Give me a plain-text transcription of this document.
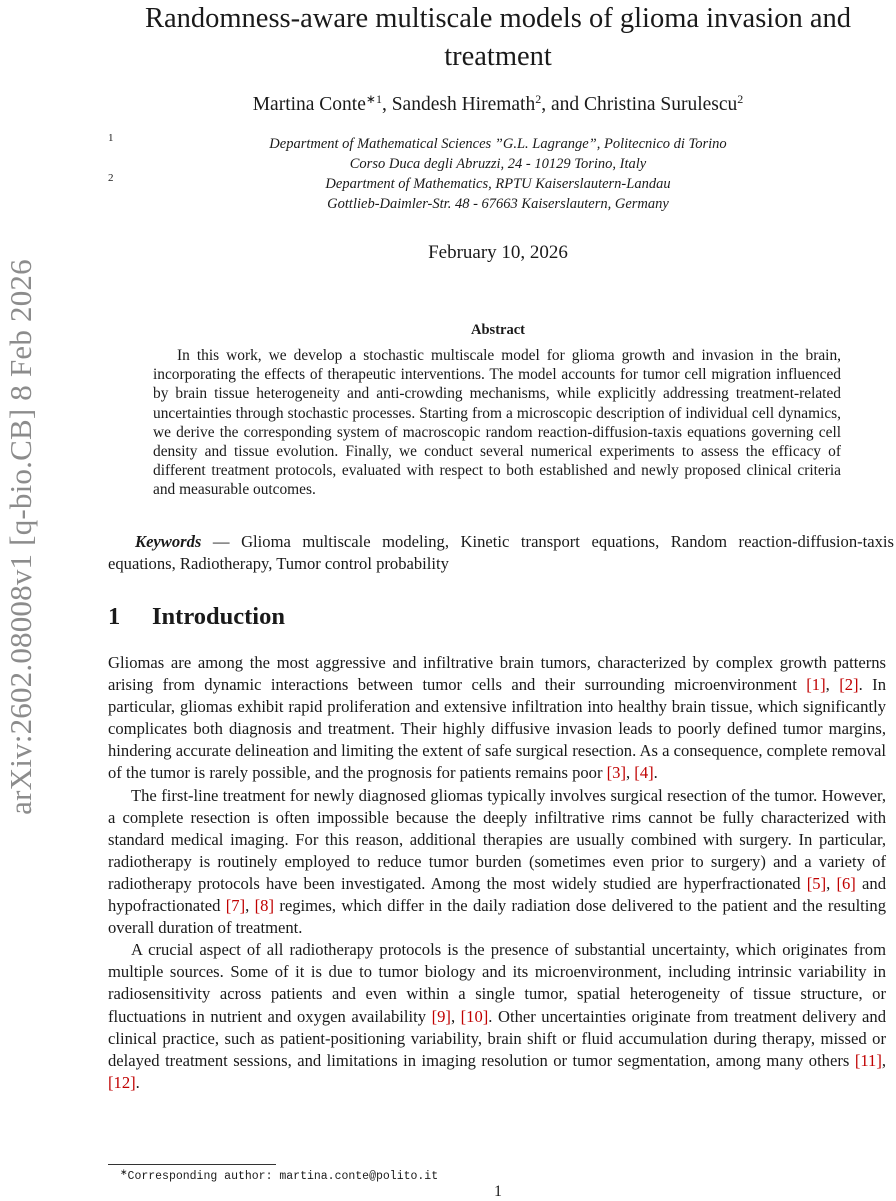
arXiv:2602.08008v1 [q-bio.CB] 8 Feb 2026
Randomness-aware multiscale models of glioma invasion and treatment
Martina Conte$^{∗1}$, Sandesh Hiremath$^2$, and Christina Surulescu$^2$
1	Department of Mathematical Sciences ”G.L. Lagrange”, Politecnico di Torino
Corso Duca degli Abruzzi, 24 - 10129 Torino, Italy
2	Department of Mathematics, RPTU Kaiserslautern-Landau
Gottlieb-Daimler-Str. 48 - 67663 Kaiserslautern, Germany
February 10, 2026
Abstract

In this work, we develop a stochastic multiscale model for glioma growth and invasion in the brain, incorporating the effects of therapeutic interventions. The model accounts for tumor cell migration influenced by brain tissue heterogeneity and anti-crowding mechanisms, while explicitly addressing treatment-related uncertainties through stochastic processes. Starting from a microscopic description of individual cell dynamics, we derive the corresponding system of macroscopic random reaction-diffusion-taxis equations governing cell density and tissue evolution. Finally, we conduct several numerical experiments to assess the efficacy of different treatment protocols, evaluated with respect to both established and newly proposed clinical criteria and measurable outcomes.

Keywords — Glioma multiscale modeling, Kinetic transport equations, Random reaction-diffusion-taxis equations, Radiotherapy, Tumor control probability

1 Introduction

Gliomas are among the most aggressive and infiltrative brain tumors, characterized by complex growth patterns arising from dynamic interactions between tumor cells and their surrounding microenvironment [1], [2]. In particular, gliomas exhibit rapid proliferation and extensive infiltration into healthy brain tissue, which significantly complicates both diagnosis and treatment. Their highly diffusive invasion leads to poorly defined tumor margins, hindering accurate delineation and limiting the extent of safe surgical resection. As a consequence, complete removal of the tumor is rarely possible, and the prognosis for patients remains poor [3], [4].

The first-line treatment for newly diagnosed gliomas typically involves surgical resection of the tumor. However, a complete resection is often impossible because the deeply infiltrative rims cannot be fully characterized with standard medical imaging. For this reason, additional therapies are usually combined with surgery. In particular, radiotherapy is routinely employed to reduce tumor burden (sometimes even prior to surgery) and a variety of radiotherapy protocols have been investigated. Among the most widely studied are hyperfractionated [5], [6] and hypofractionated [7], [8] regimes, which differ in the daily radiation dose delivered to the patient and the resulting overall duration of treatment.

A crucial aspect of all radiotherapy protocols is the presence of substantial uncertainty, which originates from multiple sources. Some of it is due to tumor biology and its microenvironment, including intrinsic variability in radiosensitivity across patients and even within a single tumor, spatial heterogeneity of tissue structure, or fluctuations in nutrient and oxygen availability [9], [10]. Other uncertainties originate from treatment delivery and clinical practice, such as patient-positioning variability, brain shift or fluid accumulation during therapy, missed or delayed treatment sessions, and limitations in imaging resolution or tumor segmentation, among many others [11], [12].

∗Corresponding author: martina.conte@polito.it
1
